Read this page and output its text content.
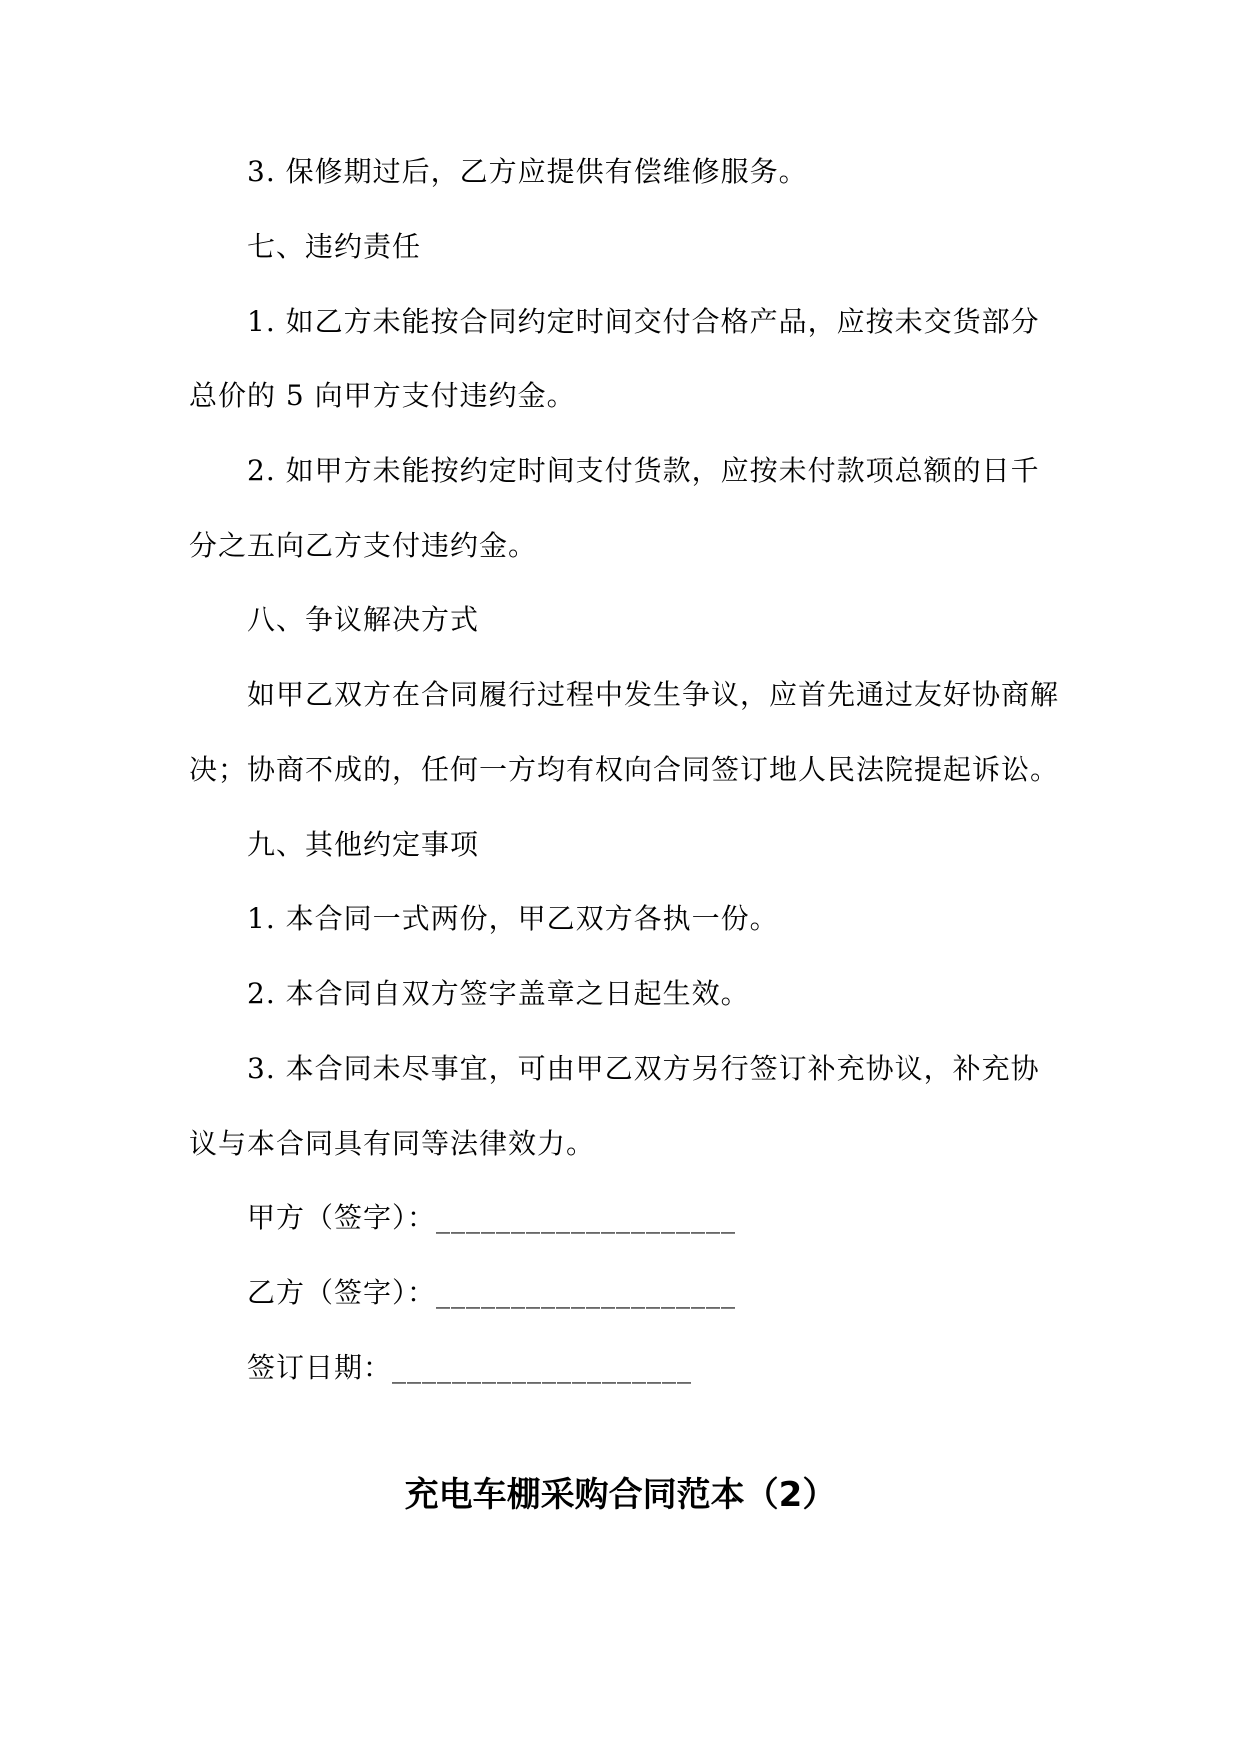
3. 保修期过后，乙方应提供有偿维修服务。
七、违约责任
1. 如乙方未能按合同约定时间交付合格产品，应按未交货部分
总价的 5 向甲方支付违约金。
2. 如甲方未能按约定时间支付货款，应按未付款项总额的日千
分之五向乙方支付违约金。
八、争议解决方式
如甲乙双方在合同履行过程中发生争议，应首先通过友好协商解
决；协商不成的，任何一方均有权向合同签订地人民法院提起诉讼。
九、其他约定事项
1. 本合同一式两份，甲乙双方各执一份。
2. 本合同自双方签字盖章之日起生效。
3. 本合同未尽事宜，可由甲乙双方另行签订补充协议，补充协
议与本合同具有同等法律效力。
甲方（签字）：____________________
乙方（签字）：____________________
签订日期：____________________
充电车棚采购合同范本（2）
